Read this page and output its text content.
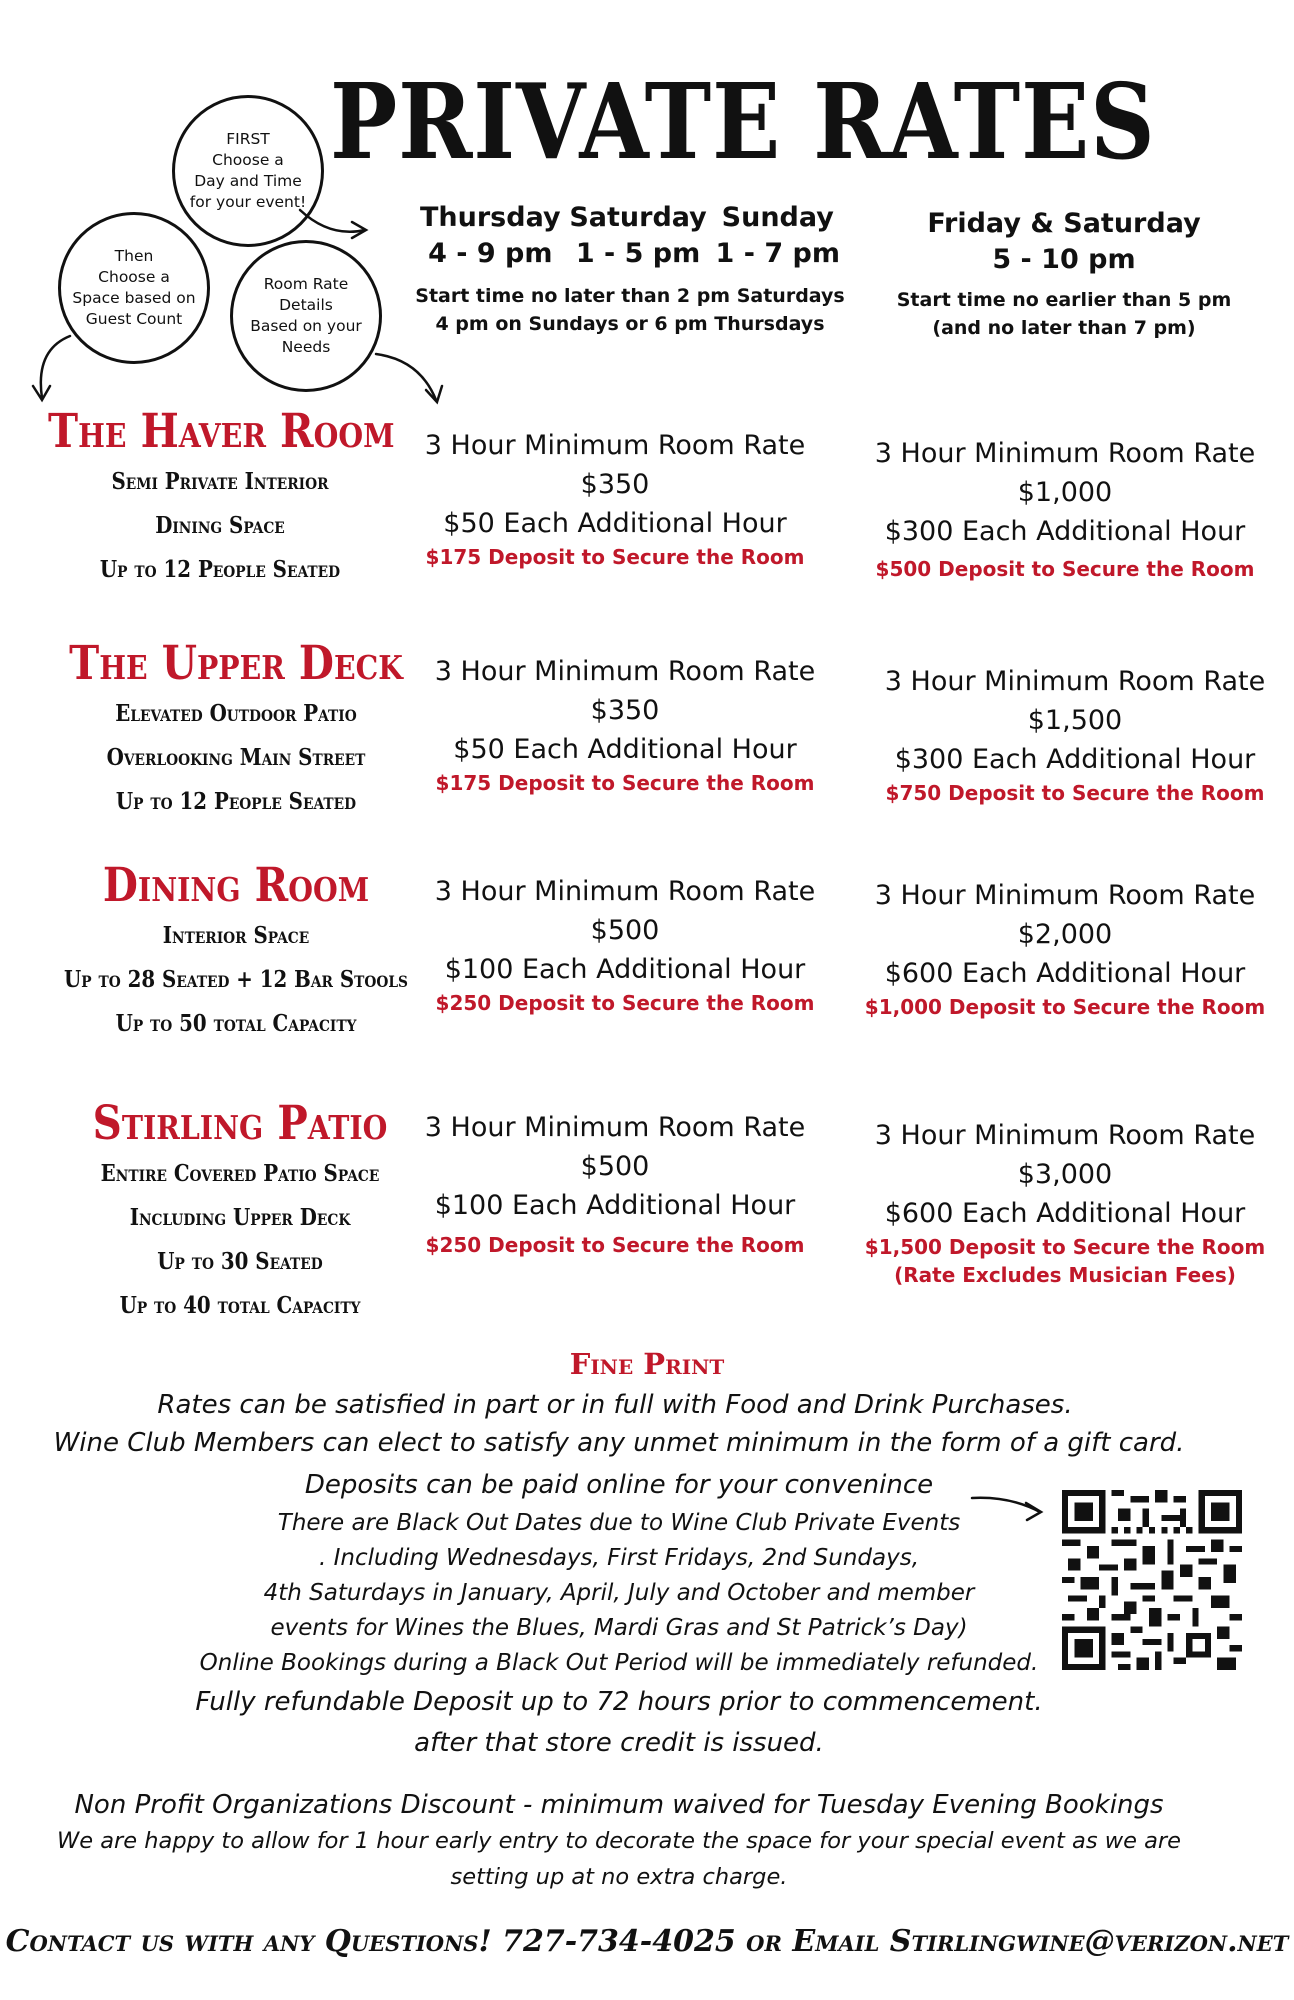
PRIVATE RATES
FIRST
Choose a
Day and Time
for your event!
Then
Choose a
Space based on
Guest Count
Room Rate
Details
Based on your
Needs
Thursday
4 - 9 pm
Saturday
1 - 5 pm
Sunday
1 - 7 pm
Start time no later than 2 pm Saturdays
4 pm on Sundays or 6 pm Thursdays
Friday & Saturday
5 - 10 pm
Start time no earlier than 5 pm
(and no later than 7 pm)
The Haver Room
Semi Private Interior
Dining Space
Up to 12 People Seated
3 Hour Minimum Room Rate
$350
$50 Each Additional Hour
$175 Deposit to Secure the Room
3 Hour Minimum Room Rate
$1,000
$300 Each Additional Hour
$500 Deposit to Secure the Room
The Upper Deck
Elevated Outdoor Patio
Overlooking Main Street
Up to 12 People Seated
3 Hour Minimum Room Rate
$350
$50 Each Additional Hour
$175 Deposit to Secure the Room
3 Hour Minimum Room Rate
$1,500
$300 Each Additional Hour
$750 Deposit to Secure the Room
Dining Room
Interior Space
Up to 28 Seated + 12 Bar Stools
Up to 50 total Capacity
3 Hour Minimum Room Rate
$500
$100 Each Additional Hour
$250 Deposit to Secure the Room
3 Hour Minimum Room Rate
$2,000
$600 Each Additional Hour
$1,000 Deposit to Secure the Room
Stirling Patio
Entire Covered Patio Space
Including Upper Deck
Up to 30 Seated
Up to 40 total Capacity
3 Hour Minimum Room Rate
$500
$100 Each Additional Hour
$250 Deposit to Secure the Room
3 Hour Minimum Room Rate
$3,000
$600 Each Additional Hour
$1,500 Deposit to Secure the Room
(Rate Excludes Musician Fees)
Fine Print
Rates can be satisfied in part or in full with Food and Drink Purchases.
Wine Club Members can elect to satisfy any unmet minimum in the form of a gift card.
Deposits can be paid online for your convenince
There are Black Out Dates due to Wine Club Private Events
. Including Wednesdays, First Fridays, 2nd Sundays,
4th Saturdays in January, April, July and October and member
events for Wines the Blues, Mardi Gras and St Patrick’s Day)
Online Bookings during a Black Out Period will be immediately refunded.
Fully refundable Deposit up to 72 hours prior to commencement.
after that store credit is issued.
Non Profit Organizations Discount - minimum waived for Tuesday Evening Bookings
We are happy to allow for 1 hour early entry to decorate the space for your special event as we are
setting up at no extra charge.
Contact us with any Questions! 727-734-4025 or Email Stirlingwine@verizon.net
